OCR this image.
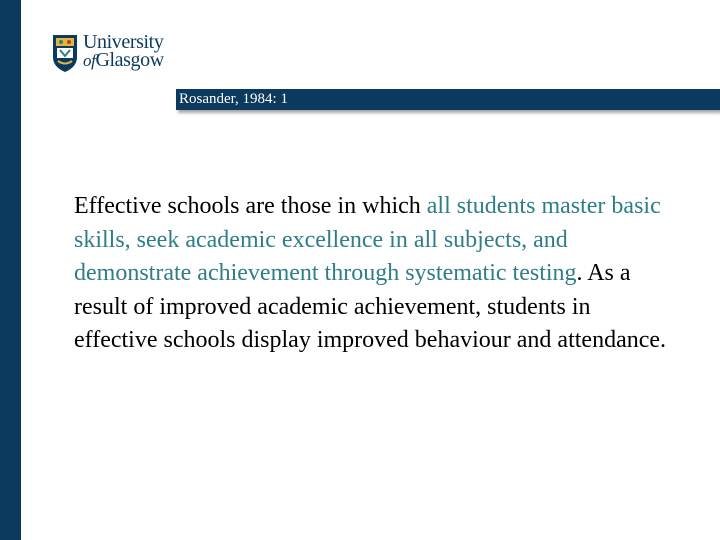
University
ofGlasgow
Rosander, 1984: 1
Effective schools are those in which all students master basic skills, seek academic excellence in all subjects, and demonstrate achievement through systematic testing. As a result of improved academic achievement, students in effective schools display improved behaviour and attendance.
